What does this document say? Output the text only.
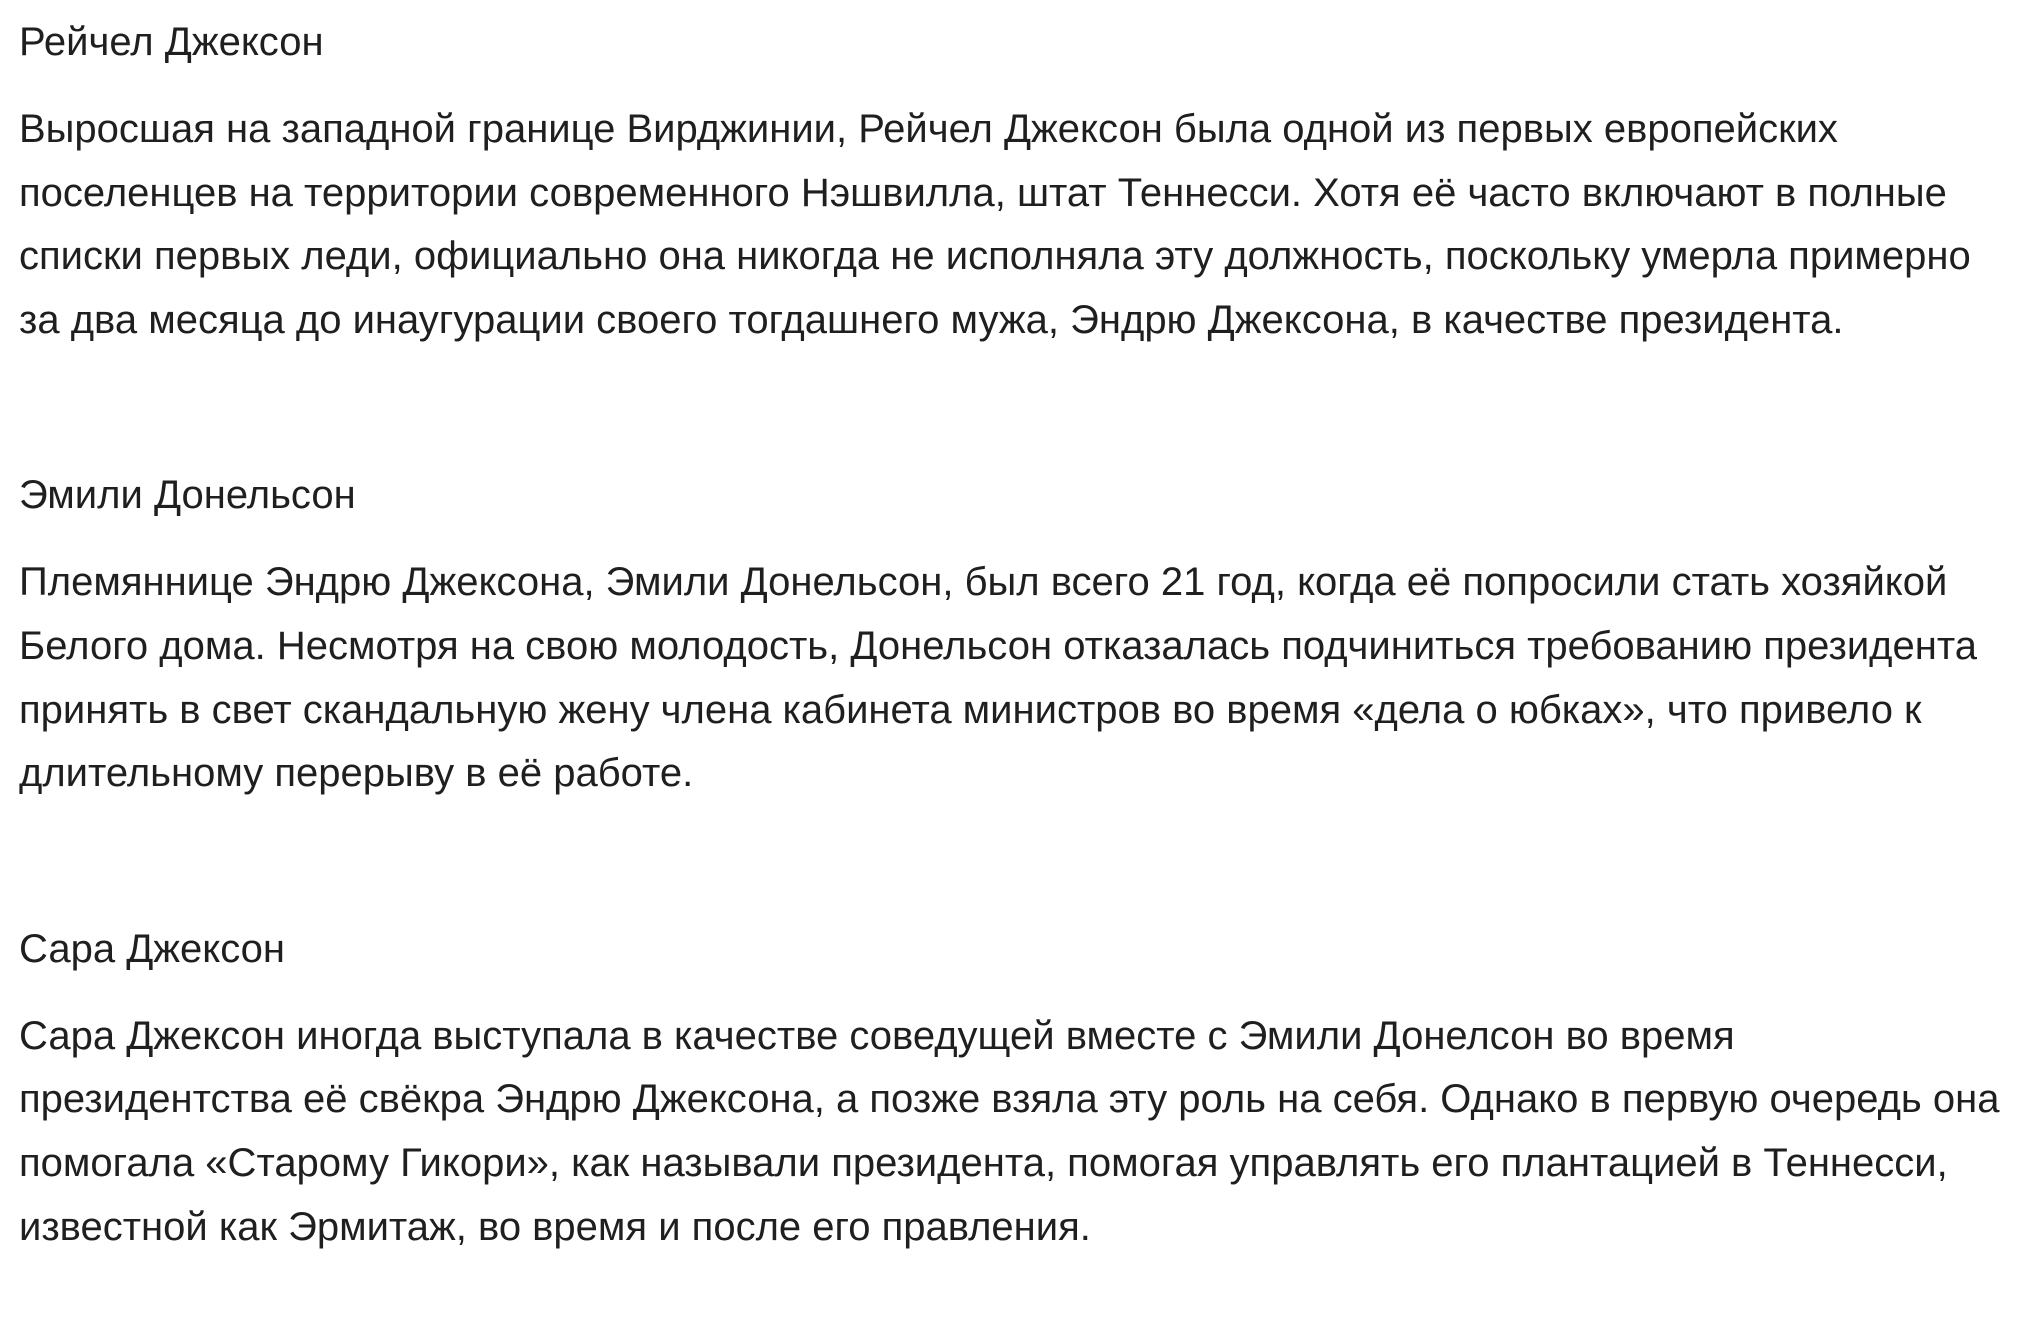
Рейчел Джексон

Выросшая на западной границе Вирджинии, Рейчел Джексон была одной из первых европейских поселенцев на территории современного Нэшвилла, штат Теннесси. Хотя её часто включают в полные списки первых леди, официально она никогда не исполняла эту должность, поскольку умерла примерно за два месяца до инаугурации своего тогдашнего мужа, Эндрю Джексона, в качестве президента.

Эмили Донельсон

Племяннице Эндрю Джексона, Эмили Донельсон, был всего 21 год, когда её попросили стать хозяйкой Белого дома. Несмотря на свою молодость, Донельсон отказалась подчиниться требованию президента принять в свет скандальную жену члена кабинета министров во время «дела о юбках», что привело к длительному перерыву в её работе.

Сара Джексон

Сара Джексон иногда выступала в качестве соведущей вместе с Эмили Донелсон во время президентства её свёкра Эндрю Джексона, а позже взяла эту роль на себя. Однако в первую очередь она помогала «Старому Гикори», как называли президента, помогая управлять его плантацией в Теннесси, известной как Эрмитаж, во время и после его правления.
